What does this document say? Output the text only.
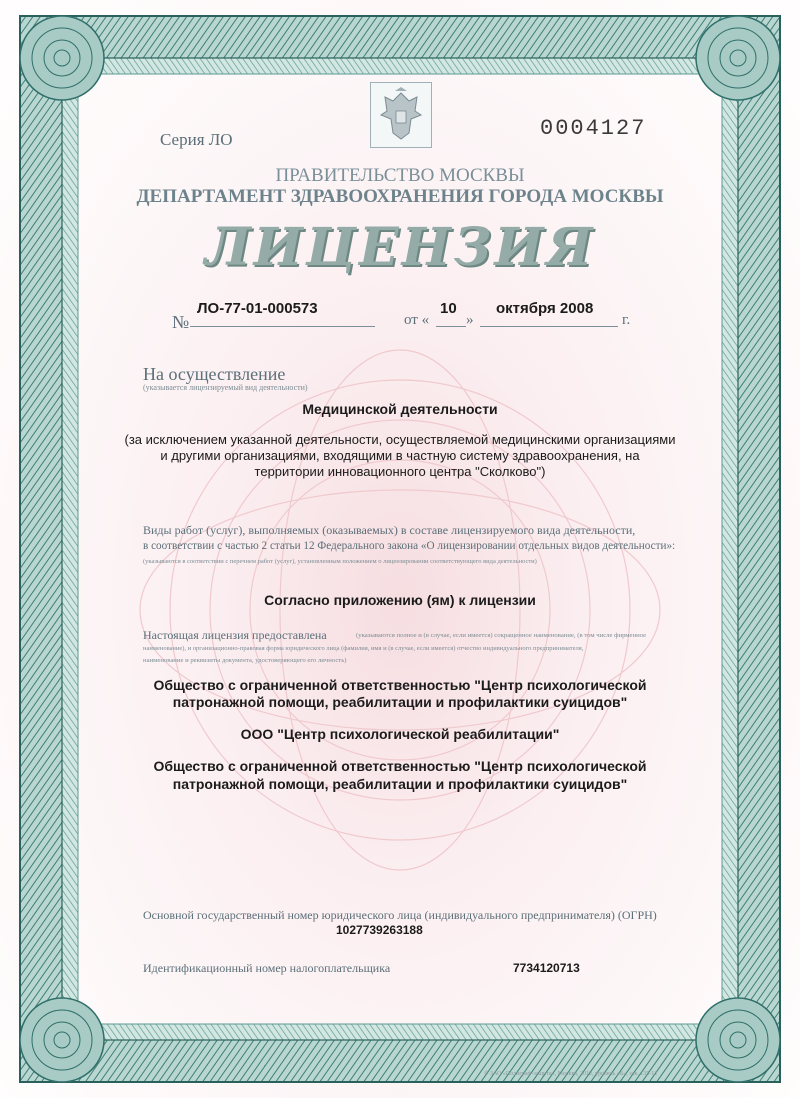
Серия ЛО	0004127
ПРАВИТЕЛЬСТВО МОСКВЫ
ДЕПАРТАМЕНТ ЗДРАВООХРАНЕНИЯ ГОРОДА МОСКВЫ
ЛИЦЕНЗИЯ
№
ЛО-77-01-000573
от «
10
»
октября 2008
г.
На осуществление
(указывается лицензируемый вид деятельности)
Медицинской деятельности
(за исключением указанной деятельности, осуществляемой медицинскими организациями
и другими организациями, входящими в частную систему здравоохранения, на
территории инновационного центра "Сколково")
Виды работ (услуг), выполняемых (оказываемых) в составе лицензируемого вида деятельности,
в соответствии с частью 2 статьи 12 Федерального закона «О лицензировании отдельных видов деятельности»:
(указываются в соответствии с перечнем работ (услуг), установленным положением о лицензировании соответствующего вида деятельности)
Согласно приложению (ям) к лицензии
Настоящая лицензия предоставлена	(указываются полное и (в случае, если имеется) сокращенное наименование, (в том числе фирменное
наименование), и организационно-правовая форма юридического лица (фамилия, имя и (в случае, если имеется) отчество индивидуального предпринимателя,
наименование и реквизиты документа, удостоверяющего его личность)
Общество с ограниченной ответственностью "Центр психологической
патронажной помощи, реабилитации и профилактики суицидов"
ООО "Центр психологической реабилитации"
Общество с ограниченной ответственностью "Центр психологической
патронажной помощи, реабилитации и профилактики суицидов"
Основной государственный номер юридического лица (индивидуального предпринимателя) (ОГРН)
1027739263188
Идентификационный номер налогоплательщика	7734120713
© ЗАО «Полиграф-защита», Москва, 2012, уровень «Б», зак. 135-12
